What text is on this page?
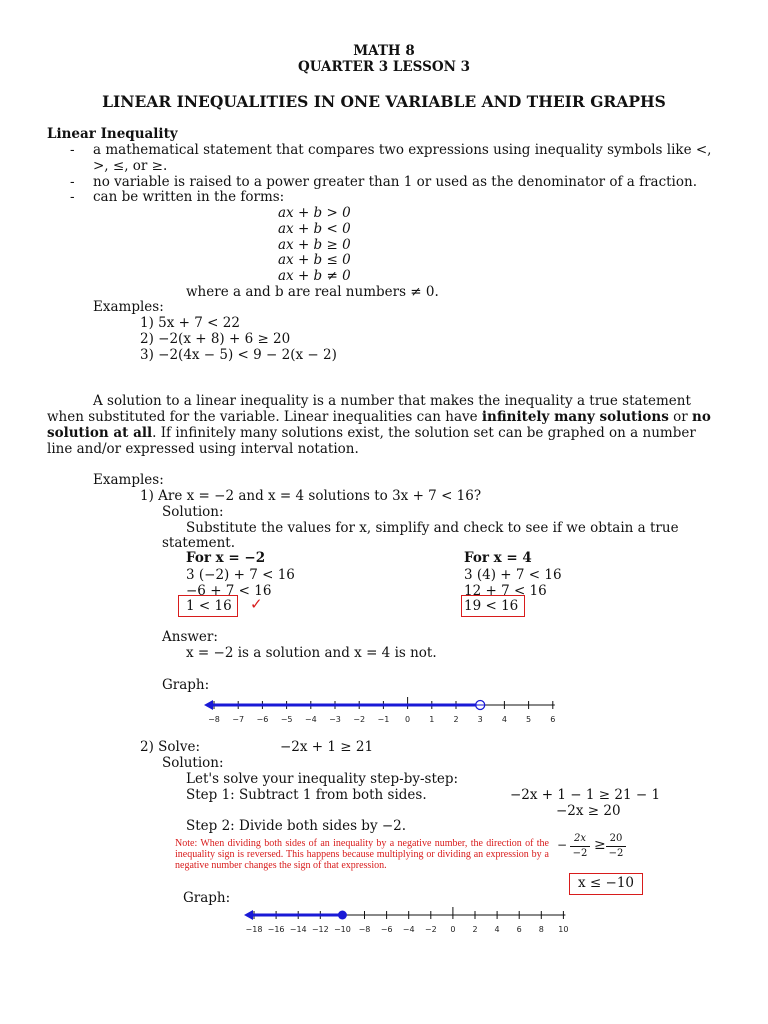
MATH 8
QUARTER 3 LESSON 3
LINEAR INEQUALITIES IN ONE VARIABLE AND THEIR GRAPHS
Linear Inequality
- a mathematical statement that compares two expressions using inequality symbols like <,
>, ≤, or ≥.
- no variable is raised to a power greater than 1 or used as the denominator of a fraction.
- can be written in the forms:
ax + b > 0
ax + b < 0
ax + b ≥ 0
ax + b ≤ 0
ax + b ≠ 0
where a and b are real numbers ≠ 0.
Examples:
1) 5x + 7 < 22
2) −2(x + 8) + 6 ≥ 20
3) −2(4x − 5) < 9 − 2(x − 2)
A solution to a linear inequality is a number that makes the inequality a true statement
when substituted for the variable. Linear inequalities can have infinitely many solutions or no
solution at all. If infinitely many solutions exist, the solution set can be graphed on a number
line and/or expressed using interval notation.
Examples:
1) Are x = −2 and x = 4 solutions to 3x + 7 < 16?
Solution:
Substitute the values for x, simplify and check to see if we obtain a true
statement.
For x = −2
3 (−2) + 7 < 16
−6 + 7 < 16
1 < 16 ✓
For x = 4
3 (4) + 7 < 16
12 + 7 < 16
19 < 16
Answer:
x = −2 is a solution and x = 4 is not.
Graph:
−8 −7 −6 −5 −4 −3 −2 −1 0 1 2 3 4 5 6
2) Solve:	−2x + 1 ≥ 21
Solution:
Let's solve your inequality step-by-step:
Step 1: Subtract 1 from both sides.	−2x + 1 − 1 ≥ 21 − 1
−2x ≥ 20
Step 2: Divide both sides by −2.
Note: When dividing both sides of an inequality by a negative number, the direction of the inequality sign is reversed. This happens because multiplying or dividing an expression by a negative number changes the sign of that expression.
− 2x
−2
≥ 20
−2
x ≤ −10
Graph:
−18 −16 −14 −12 −10 −8 −6 −4 −2 0 2 4 6 8 10
